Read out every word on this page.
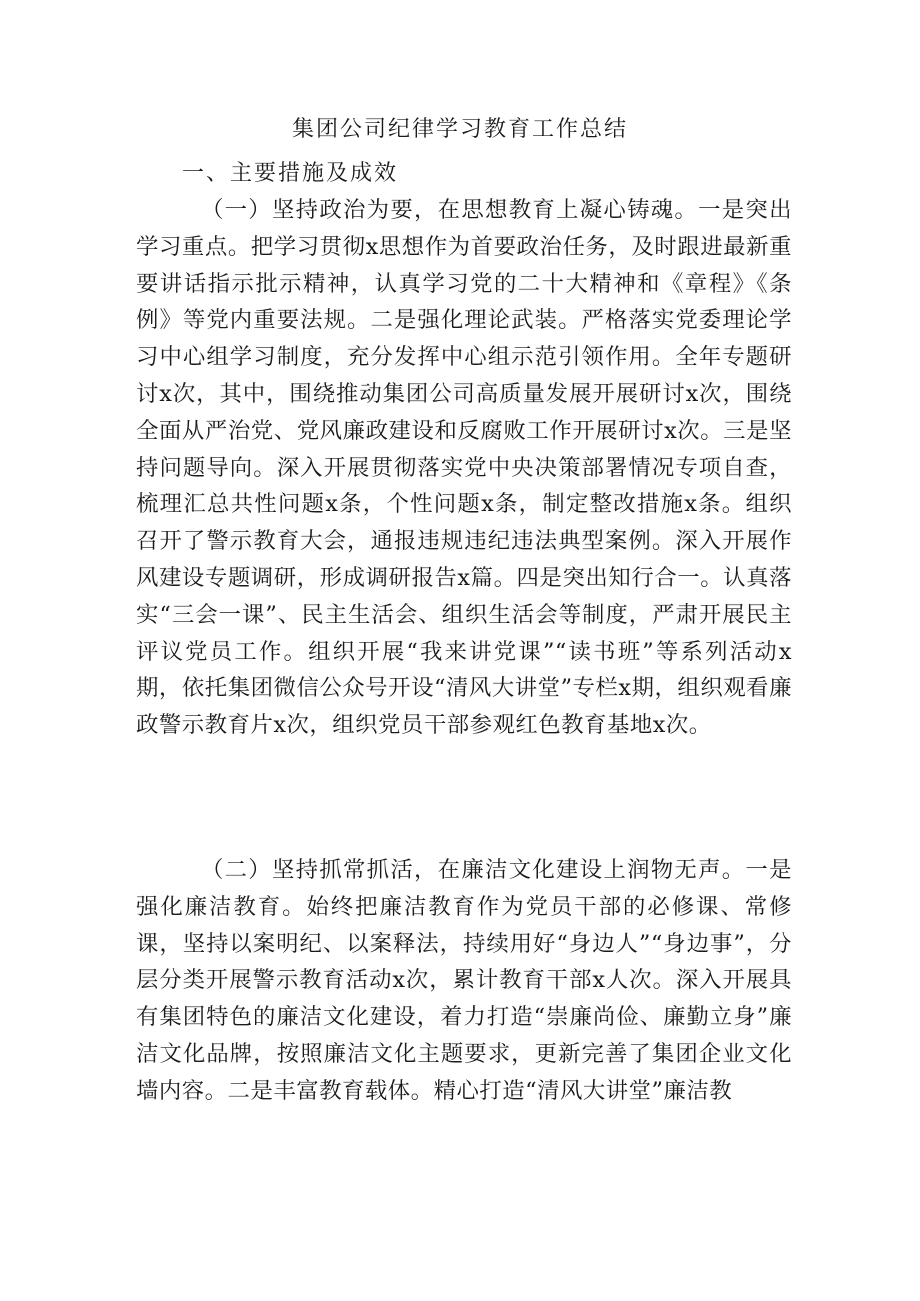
集团公司纪律学习教育工作总结
一、主要措施及成效

（一）坚持政治为要，在思想教育上凝心铸魂。一是突出学习重点。把学习贯彻x思想作为首要政治任务，及时跟进最新重要讲话指示批示精神，认真学习党的二十大精神和《章程》《条例》等党内重要法规。二是强化理论武装。严格落实党委理论学习中心组学习制度，充分发挥中心组示范引领作用。全年专题研讨x次，其中，围绕推动集团公司高质量发展开展研讨x次，围绕全面从严治党、党风廉政建设和反腐败工作开展研讨x次。三是坚持问题导向。深入开展贯彻落实党中央决策部署情况专项自查，梳理汇总共性问题x条，个性问题x条，制定整改措施x条。组织召开了警示教育大会，通报违规违纪违法典型案例。深入开展作风建设专题调研，形成调研报告x篇。四是突出知行合一。认真落实“三会一课”、民主生活会、组织生活会等制度，严肃开展民主评议党员工作。组织开展“我来讲党课”“读书班”等系列活动x期，依托集团微信公众号开设“清风大讲堂”专栏x期，组织观看廉政警示教育片x次，组织党员干部参观红色教育基地x次。

（二）坚持抓常抓活，在廉洁文化建设上润物无声。一是强化廉洁教育。始终把廉洁教育作为党员干部的必修课、常修课，坚持以案明纪、以案释法，持续用好“身边人”“身边事”，分层分类开展警示教育活动x次，累计教育干部x人次。深入开展具有集团特色的廉洁文化建设，着力打造“崇廉尚俭、廉勤立身”廉洁文化品牌，按照廉洁文化主题要求，更新完善了集团企业文化墙内容。二是丰富教育载体。精心打造“清风大讲堂”廉洁教
